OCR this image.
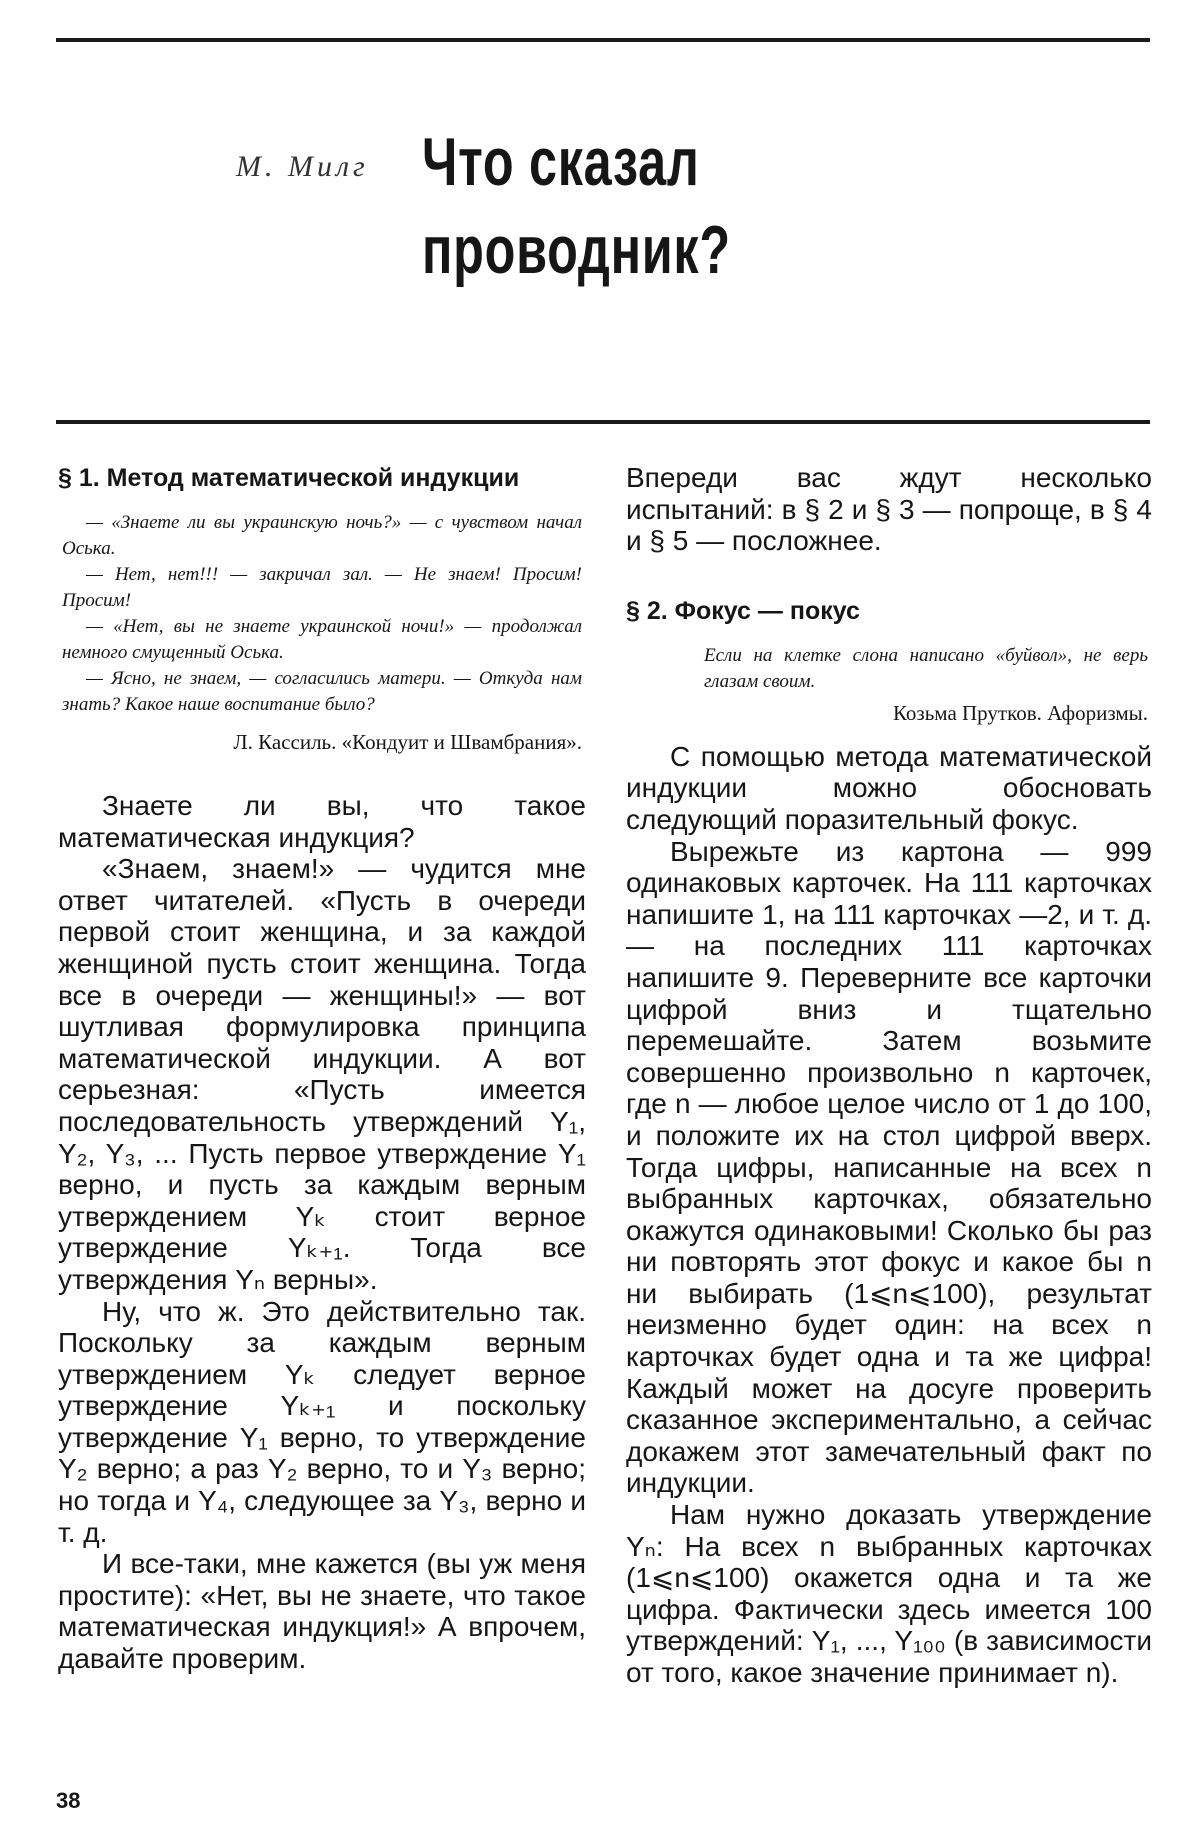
М. Милг Что сказал
проводник?
§ 1. Метод математической индукции

— «Знаете ли вы украинскую ночь?» — с чувством начал Оська.

— Нет, нет!!! — закричал зал. — Не знаем! Просим! Просим!

— «Нет, вы не знаете украинской ночи!» — продолжал немного смущенный Оська.

— Ясно, не знаем, — согласились матери. — Откуда нам знать? Какое наше воспитание было?

Л. Кассиль. «Кондуит и Швамбрания».

Знаете ли вы, что такое математическая индукция?

«Знаем, знаем!» — чудится мне ответ читателей. «Пусть в очереди первой стоит женщина, и за каждой женщиной пусть стоит женщина. Тогда все в очереди — женщины!» — вот шутливая формулировка принципа математической индукции. А вот серьезная: «Пусть имеется последовательность утверждений Y₁, Y₂, Y₃, ... Пусть первое утверждение Y₁ верно, и пусть за каждым верным утверждением Yₖ стоит верное утверждение Yₖ₊₁. Тогда все утверждения Yₙ верны».

Ну, что ж. Это действительно так. Поскольку за каждым верным утверждением Yₖ следует верное утверждение Yₖ₊₁ и поскольку утверждение Y₁ верно, то утверждение Y₂ верно; а раз Y₂ верно, то и Y₃ верно; но тогда и Y₄, следующее за Y₃, верно и т. д.

И все-таки, мне кажется (вы уж меня простите): «Нет, вы не знаете, что такое математическая индукция!» А впрочем, давайте проверим.

Впереди вас ждут несколько испытаний: в § 2 и § 3 — попроще, в § 4 и § 5 — посложнее.

§ 2. Фокус — покус

Если на клетке слона написано «буйвол», не верь глазам своим.

Козьма Прутков. Афоризмы.

С помощью метода математической индукции можно обосновать следующий поразительный фокус.

Вырежьте из картона — 999 одинаковых карточек. На 111 карточках напишите 1, на 111 карточках —2, и т. д. — на последних 111 карточках напишите 9. Переверните все карточки цифрой вниз и тщательно перемешайте. Затем возьмите совершенно произвольно n карточек, где n — любое целое число от 1 до 100, и положите их на стол цифрой вверх. Тогда цифры, написанные на всех n выбранных карточках, обязательно окажутся одинаковыми! Сколько бы раз ни повторять этот фокус и какое бы n ни выбирать (1⩽n⩽100), результат неизменно будет один: на всех n карточках будет одна и та же цифра! Каждый может на досуге проверить сказанное экспериментально, а сейчас докажем этот замечательный факт по индукции.

Нам нужно доказать утверждение Yₙ: На всех n выбранных карточках (1⩽n⩽100) окажется одна и та же цифра. Фактически здесь имеется 100 утверждений: Y₁, ..., Y₁₀₀ (в зависимости от того, какое значение принимает n).

38
